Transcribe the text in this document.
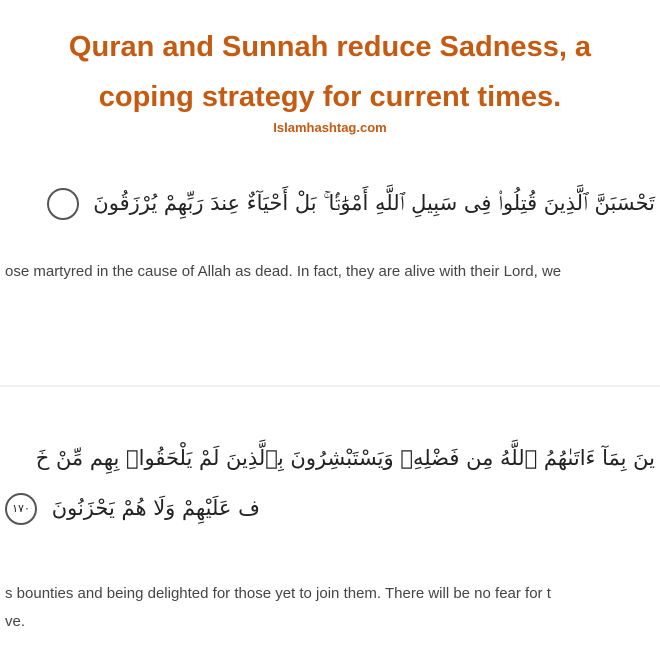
Quran and Sunnah reduce Sadness, a
coping strategy for current times.
Islamhashtag.com
تَحْسَبَنَّ ٱلَّذِينَ قُتِلُوا۟ فِى سَبِيلِ ٱللَّهِ أَمْوَٰتًۢا ۚ بَلْ أَحْيَآءٌ عِندَ رَبِّهِمْ يُرْزَقُونَ
ose martyred in the cause of Allah as dead. In fact, they are alive with their Lord, we
ينَ بِمَآ ءَاتَىٰهُمُ ٱللَّهُ مِن فَضْلِهِۦ وَيَسْتَبْشِرُونَ بِٱلَّذِينَ لَمْ يَلْحَقُوا۟ بِهِم مِّنْ خَ
ف عَلَيْهِمْ وَلَا هُمْ يَحْزَنُونَ ١٧٠
s bounties and being delighted for those yet to join them. There will be no fear for t
ve.
